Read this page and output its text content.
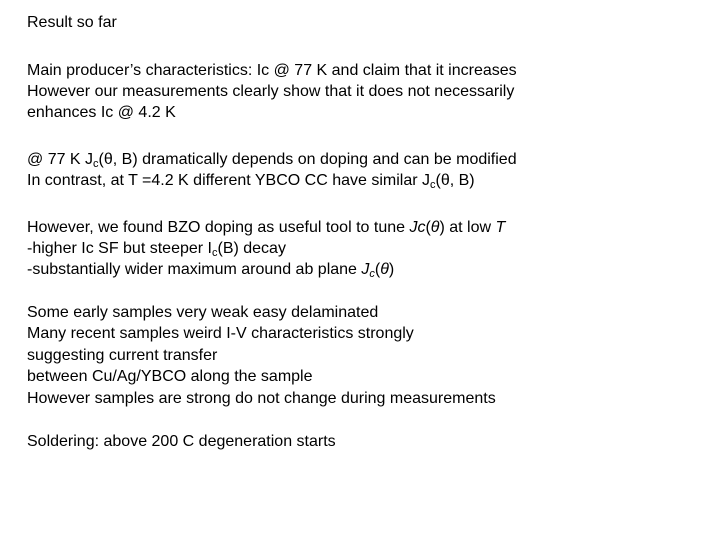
Result so far
Main producer’s characteristics: Ic @ 77 K and claim that it increases
However our measurements clearly show that it does not necessarily
enhances Ic @ 4.2 K
@ 77 K $J_c(\theta$, B) dramatically depends on doping and can be modified
In contrast, at T =4.2 K different YBCO CC have similar $J_c(\theta$, B)
However, we found BZO doping as useful tool to tune Jc(θ) at low T
-higher Ic SF but steeper $I_c(B)$ decay
-substantially wider maximum around ab plane $J_c(\theta)$
Some early samples very weak easy delaminated
Many recent samples weird I-V characteristics strongly
suggesting current transfer
between Cu/Ag/YBCO along the sample
However samples are strong do not change during measurements
Soldering: above 200 C degeneration starts
